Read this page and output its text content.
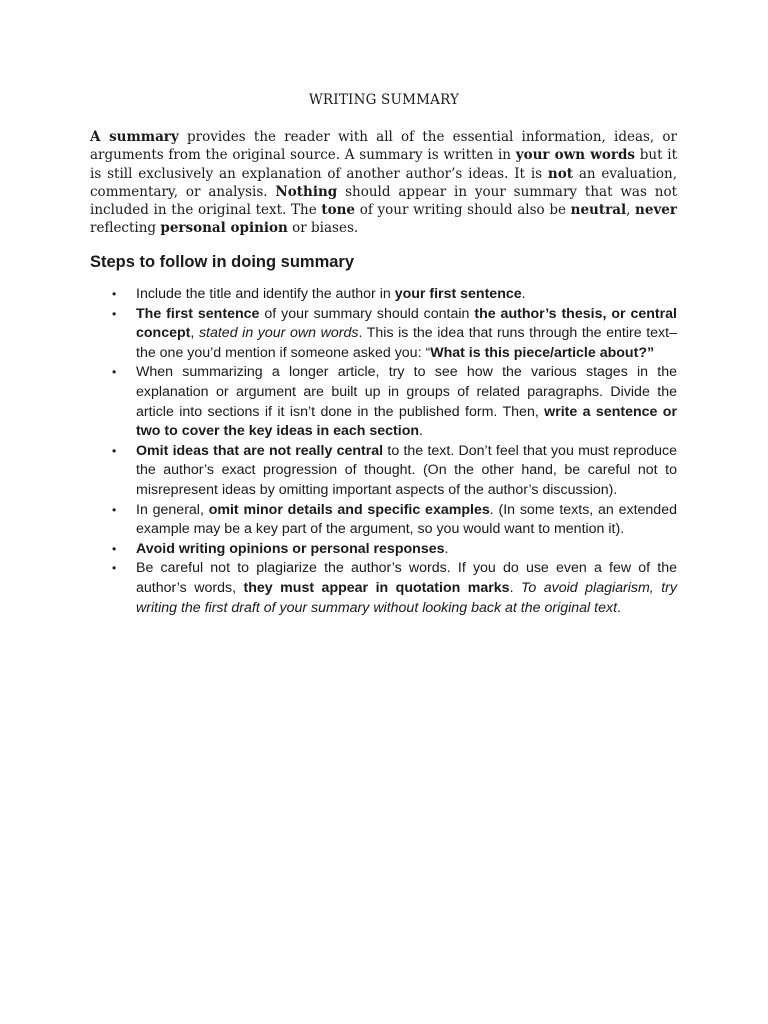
WRITING SUMMARY

A summary provides the reader with all of the essential information, ideas, or arguments from the original source. A summary is written in your own words but it is still exclusively an explanation of another author’s ideas. It is not an evaluation, commentary, or analysis. Nothing should appear in your summary that was not included in the original text. The tone of your writing should also be neutral, never reflecting personal opinion or biases.

Steps to follow in doing summary
• Include the title and identify the author in your first sentence.
• The first sentence of your summary should contain the author’s thesis, or central concept, stated in your own words. This is the idea that runs through the entire text–the one you’d mention if someone asked you: “What is this piece/article about?”
• When summarizing a longer article, try to see how the various stages in the explanation or argument are built up in groups of related paragraphs. Divide the article into sections if it isn’t done in the published form. Then, write a sentence or two to cover the key ideas in each section.
• Omit ideas that are not really central to the text. Don’t feel that you must reproduce the author’s exact progression of thought. (On the other hand, be careful not to misrepresent ideas by omitting important aspects of the author’s discussion).
• In general, omit minor details and specific examples. (In some texts, an extended example may be a key part of the argument, so you would want to mention it).
• Avoid writing opinions or personal responses.
• Be careful not to plagiarize the author’s words. If you do use even a few of the author’s words, they must appear in quotation marks. To avoid plagiarism, try writing the first draft of your summary without looking back at the original text.
